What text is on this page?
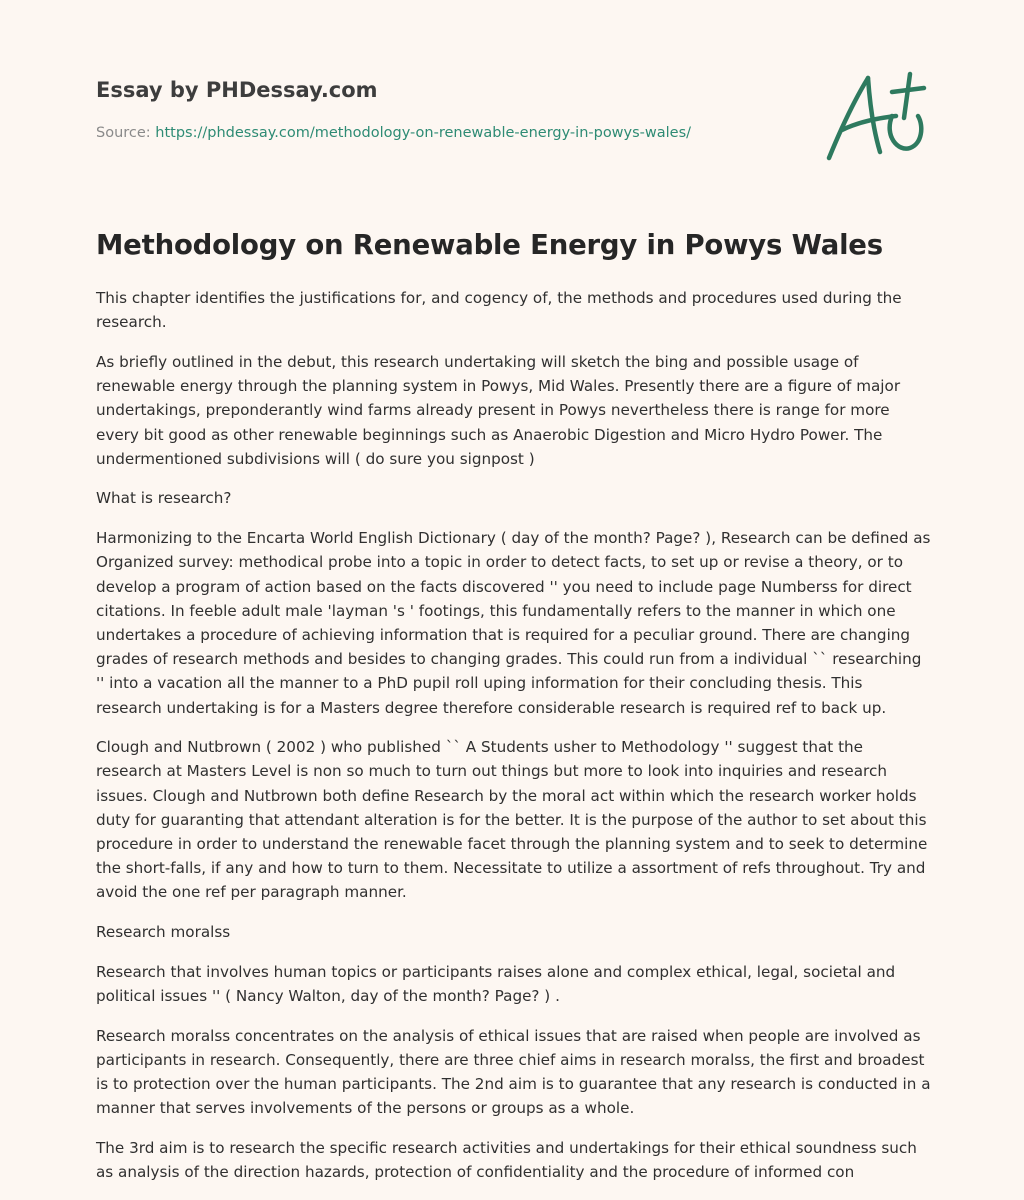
Essay by PHDessay.com

Source: https://phdessay.com/methodology-on-renewable-energy-in-powys-wales/
Methodology on Renewable Energy in Powys Wales

This chapter identifies the justifications for, and cogency of, the methods and procedures used during the research.

As briefly outlined in the debut, this research undertaking will sketch the bing and possible usage of renewable energy through the planning system in Powys, Mid Wales. Presently there are a figure of major undertakings, preponderantly wind farms already present in Powys nevertheless there is range for more every bit good as other renewable beginnings such as Anaerobic Digestion and Micro Hydro Power. The undermentioned subdivisions will ( do sure you signpost )

What is research?

Harmonizing to the Encarta World English Dictionary ( day of the month? Page? ), Research can be defined as Organized survey: methodical probe into a topic in order to detect facts, to set up or revise a theory, or to develop a program of action based on the facts discovered '' you need to include page Numberss for direct citations. In feeble adult male 'layman 's ' footings, this fundamentally refers to the manner in which one undertakes a procedure of achieving information that is required for a peculiar ground. There are changing grades of research methods and besides to changing grades. This could run from a individual `` researching '' into a vacation all the manner to a PhD pupil roll uping information for their concluding thesis. This research undertaking is for a Masters degree therefore considerable research is required ref to back up.

Clough and Nutbrown ( 2002 ) who published `` A Students usher to Methodology '' suggest that the research at Masters Level is non so much to turn out things but more to look into inquiries and research issues. Clough and Nutbrown both define Research by the moral act within which the research worker holds duty for guaranting that attendant alteration is for the better. It is the purpose of the author to set about this procedure in order to understand the renewable facet through the planning system and to seek to determine the short-falls, if any and how to turn to them. Necessitate to utilize a assortment of refs throughout. Try and avoid the one ref per paragraph manner.

Research moralss

Research that involves human topics or participants raises alone and complex ethical, legal, societal and political issues '' ( Nancy Walton, day of the month? Page? ) .

Research moralss concentrates on the analysis of ethical issues that are raised when people are involved as participants in research. Consequently, there are three chief aims in research moralss, the first and broadest is to protection over the human participants. The 2nd aim is to guarantee that any research is conducted in a manner that serves involvements of the persons or groups as a whole.

The 3rd aim is to research the specific research activities and undertakings for their ethical soundness such as analysis of the direction hazards, protection of confidentiality and the procedure of informed con
